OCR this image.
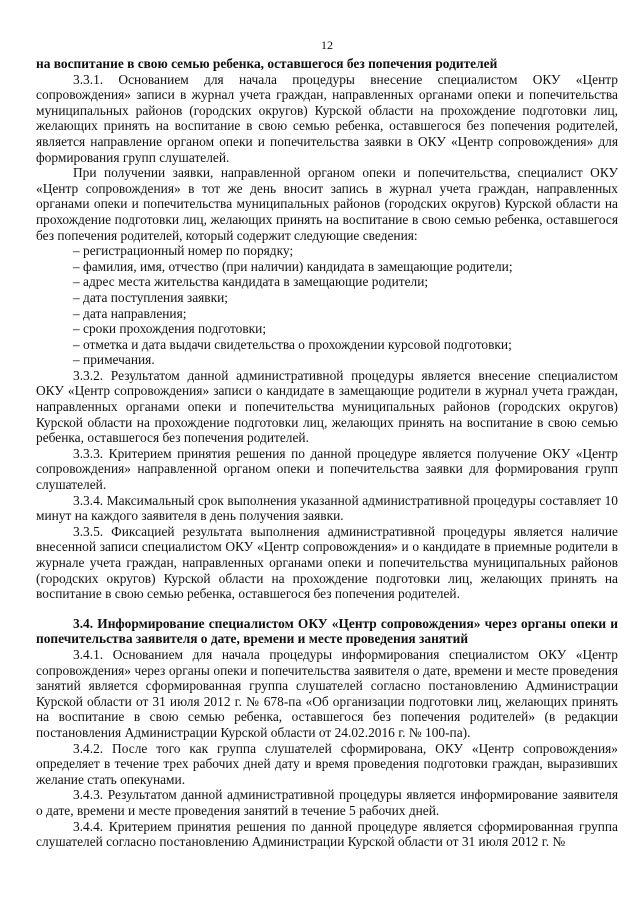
12

на воспитание в свою семью ребенка, оставшегося без попечения родителей

3.3.1. Основанием для начала процедуры внесение специалистом ОКУ «Центр сопровождения» записи в журнал учета граждан, направленных органами опеки и попечительства муниципальных районов (городских округов) Курской области на прохождение подготовки лиц, желающих принять на воспитание в свою семью ребенка, оставшегося без попечения родителей, является направление органом опеки и попечительства заявки в ОКУ «Центр сопровождения» для формирования групп слушателей.

При получении заявки, направленной органом опеки и попечительства, специалист ОКУ «Центр сопровождения» в тот же день вносит запись в журнал учета граждан, направленных органами опеки и попечительства муниципальных районов (городских округов) Курской области на прохождение подготовки лиц, желающих принять на воспитание в свою семью ребенка, оставшегося без попечения родителей, который содержит следующие сведения:

– регистрационный номер по порядку;
– фамилия, имя, отчество (при наличии) кандидата в замещающие родители;
– адрес места жительства кандидата в замещающие родители;
– дата поступления заявки;
– дата направления;
– сроки прохождения подготовки;
– отметка и дата выдачи свидетельства о прохождении курсовой подготовки;
– примечания.

3.3.2. Результатом данной административной процедуры является внесение специалистом ОКУ «Центр сопровождения» записи о кандидате в замещающие родители в журнал учета граждан, направленных органами опеки и попечительства муниципальных районов (городских округов) Курской области на прохождение подготовки лиц, желающих принять на воспитание в свою семью ребенка, оставшегося без попечения родителей.

3.3.3. Критерием принятия решения по данной процедуре является получение ОКУ «Центр сопровождения» направленной органом опеки и попечительства заявки для формирования групп слушателей.

3.3.4. Максимальный срок выполнения указанной административной процедуры составляет 10 минут на каждого заявителя в день получения заявки.

3.3.5. Фиксацией результата выполнения административной процедуры является наличие внесенной записи специалистом ОКУ «Центр сопровождения» и о кандидате в приемные родители в журнале учета граждан, направленных органами опеки и попечительства муниципальных районов (городских округов) Курской области на прохождение подготовки лиц, желающих принять на воспитание в свою семью ребенка, оставшегося без попечения родителей.

3.4. Информирование специалистом ОКУ «Центр сопровождения» через органы опеки и попечительства заявителя о дате, времени и месте проведения занятий

3.4.1. Основанием для начала процедуры информирования специалистом ОКУ «Центр сопровождения» через органы опеки и попечительства заявителя о дате, времени и месте проведения занятий является сформированная группа слушателей согласно постановлению Администрации Курской области от 31 июля 2012 г. № 678-па «Об организации подготовки лиц, желающих принять на воспитание в свою семью ребенка, оставшегося без попечения родителей» (в редакции постановления Администрации Курской области от 24.02.2016 г. № 100-па).

3.4.2. После того как группа слушателей сформирована, ОКУ «Центр сопровождения» определяет в течение трех рабочих дней дату и время проведения подготовки граждан, выразивших желание стать опекунами.

3.4.3. Результатом данной административной процедуры является информирование заявителя о дате, времени и месте проведения занятий в течение 5 рабочих дней.

3.4.4. Критерием принятия решения по данной процедуре является сформированная группа слушателей согласно постановлению Администрации Курской области от 31 июля 2012 г. №
